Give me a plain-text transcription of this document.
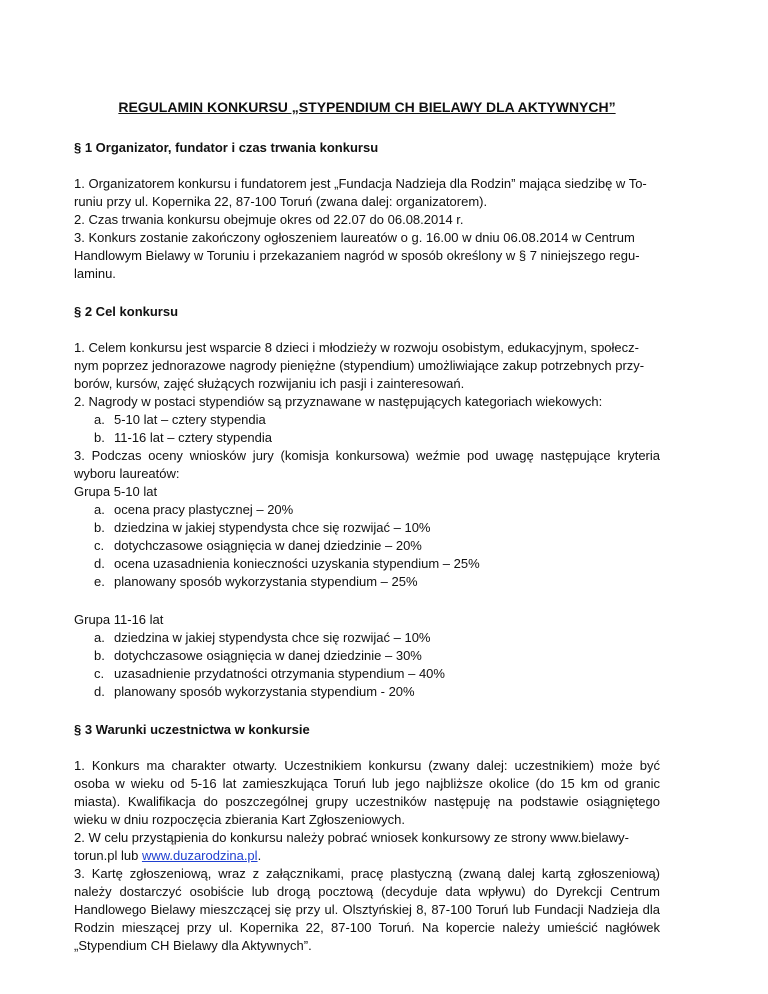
REGULAMIN KONKURSU „STYPENDIUM CH BIELAWY DLA AKTYWNYCH”
§ 1 Organizator, fundator i czas trwania konkursu

1. Organizatorem konkursu i fundatorem jest „Fundacja Nadzieja dla Rodzin” mająca siedzibę w To-

runiu przy ul. Kopernika 22, 87-100 Toruń (zwana dalej: organizatorem).

2. Czas trwania konkursu obejmuje okres od 22.07 do 06.08.2014 r.

3. Konkurs zostanie zakończony ogłoszeniem laureatów o g. 16.00 w dniu 06.08.2014 w Centrum

Handlowym Bielawy w Toruniu i przekazaniem nagród w sposób określony w § 7 niniejszego regu-

laminu.

§ 2 Cel konkursu

1. Celem konkursu jest wsparcie 8 dzieci i młodzieży w rozwoju osobistym, edukacyjnym, społecz-

nym poprzez jednorazowe nagrody pieniężne (stypendium) umożliwiające zakup potrzebnych przy-

borów, kursów, zajęć służących rozwijaniu ich pasji i zainteresowań.

2. Nagrody w postaci stypendiów są przyznawane w następujących kategoriach wiekowych:

a. 5-10 lat – cztery stypendia
b. 11-16 lat – cztery stypendia

3. Podczas oceny wniosków jury (komisja konkursowa) weźmie pod uwagę następujące kryteria wyboru laureatów:

Grupa 5-10 lat

a. ocena pracy plastycznej – 20%
b. dziedzina w jakiej stypendysta chce się rozwijać – 10%
c. dotychczasowe osiągnięcia w danej dziedzinie – 20%
d. ocena uzasadnienia konieczności uzyskania stypendium – 25%
e. planowany sposób wykorzystania stypendium – 25%

Grupa 11-16 lat

a. dziedzina w jakiej stypendysta chce się rozwijać – 10%
b. dotychczasowe osiągnięcia w danej dziedzinie – 30%
c. uzasadnienie przydatności otrzymania stypendium – 40%
d. planowany sposób wykorzystania stypendium - 20%
§ 3 Warunki uczestnictwa w konkursie

1. Konkurs ma charakter otwarty. Uczestnikiem konkursu (zwany dalej: uczestnikiem) może być osoba w wieku od 5-16 lat zamieszkująca Toruń lub jego najbliższe okolice (do 15 km od granic miasta). Kwalifikacja do poszczególnej grupy uczestników następuję na podstawie osiągniętego wieku w dniu rozpoczęcia zbierania Kart Zgłoszeniowych.

2. W celu przystąpienia do konkursu należy pobrać wniosek konkursowy ze strony www.bielawy-

torun.pl lub www.duzarodzina.pl.

3. Kartę zgłoszeniową, wraz z załącznikami, pracę plastyczną (zwaną dalej kartą zgłoszeniową) należy dostarczyć osobiście lub drogą pocztową (decyduje data wpływu) do Dyrekcji Centrum Handlowego Bielawy mieszczącej się przy ul. Olsztyńskiej 8, 87-100 Toruń lub Fundacji Nadzieja dla Rodzin mieszącej przy ul. Kopernika 22, 87-100 Toruń. Na kopercie należy umieścić nagłówek „Stypendium CH Bielawy dla Aktywnych”.
